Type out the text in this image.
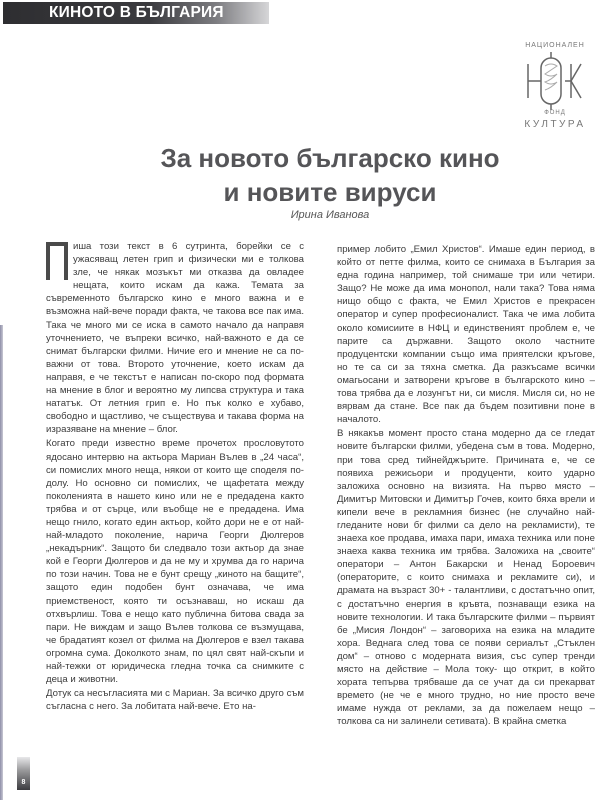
КИНОТО В БЪЛГАРИЯ
НАЦИОНАЛЕН
ФОНД
КУЛТУРА
За новото българско кино
и новите вируси
Ирина Иванова

иша този текст в 6 сутринта, борейки се с ужасяващ летен грип и физически ми е толкова зле, че някак мозъкът ми отказва да овладее нещата, които искам да кажа. Темата за съвременното българско кино е много важна и е възможна най-вече поради факта, че такова все пак има. Така че много ми се иска в самото начало да направя уточнението, че въпреки всичко, най-важното е да се снимат български филми. Ничие его и мнение не са по-важни от това. Второто уточнение, което искам да направя, е че текстът е написан по-скоро под формата на мнение в блог и вероятно му липсва структура и така нататък. От летния грип е. Но пък колко е хубаво, свободно и щастливо, че съществува и такава форма на изразяване на мнение – блог.

Когато преди известно време прочетох прословутото ядосано интервю на актьора Мариан Вълев в „24 часа“, си помислих много неща, някои от които ще споделя по-долу. Но основно си помислих, че щафетата между поколенията в нашето кино или не е предадена както трябва и от сърце, или въобще не е предадена. Има нещо гнило, когато един актьор, който дори не е от най-най-младото поколение, нарича Георги Дюлгеров „некадърник“. Защото би следвало този актьор да знае кой е Георги Дюлгеров и да не му и хрумва да го нарича по този начин. Това не е бунт срещу „киното на бащите“, защото един подобен бунт означава, че има приемственост, която ти осъзнаваш, но искаш да отхвърлиш. Това е нещо като публична битова свада за пари. Не виждам и защо Вълев толкова се възмущава, че брадатият козел от филма на Дюлгеров е взел такава огромна сума. Доколкото знам, по цял свят най-скъпи и най-тежки от юридическа гледна точка са снимките с деца и животни.

Дотук са несъгласията ми с Мариан. За всичко друго съм съгласна с него. За лобитата най-вече. Ето на-

пример лобито „Емил Христов“. Имаше един период, в който от петте филма, които се снимаха в България за една година например, той снимаше три или четири. Защо? Не може да има монопол, нали така? Това няма нищо общо с факта, че Емил Христов е прекрасен оператор и супер професионалист. Така че има лобита около комисиите в НФЦ и единственият проблем е, че парите са държавни. Защото около частните продуцентски компании също има приятелски кръгове, но те са си за тяхна сметка. Да разкъсаме всички омагьосани и затворени кръгове в българското кино – това трябва да е лозунгът ни, си мисля. Мисля си, но не вярвам да стане. Все пак да бъдем позитивни поне в началото.

В някакъв момент просто стана модерно да се гледат новите български филми, убедена съм в това. Модерно, при това сред тийнейджърите. Причината е, че се появиха режисьори и продуценти, които ударно заложиха основно на визията. На първо място – Димитър Митовски и Димитър Гочев, които бяха врели и кипели вече в рекламния бизнес (не случайно най-гледаните нови бг филми са дело на рекламисти), те знаеха кое продава, имаха пари, имаха техника или поне знаеха каква техника им трябва. Заложиха на „своите“ оператори – Антон Бакарски и Ненад Бороевич (операторите, с които снимаха и рекламите си), и драмата на възраст 30+ - талантливи, с достатъчно опит, с достатъчно енергия в кръвта, познаващи езика на новите технологии. И така българските филми – първият бе „Мисия Лондон“ – заговориха на езика на младите хора. Веднага след това се появи сериалът „Стъклен дом“ – отново с модерната визия, със супер тренди място на действие – Мола току- що открит, в който хората тепърва трябваше да се учат да си прекарват времето (не че е много трудно, но ние просто вече имаме нужда от реклами, за да пожелаем нещо – толкова са ни залинели сетивата). В крайна сметка

8
